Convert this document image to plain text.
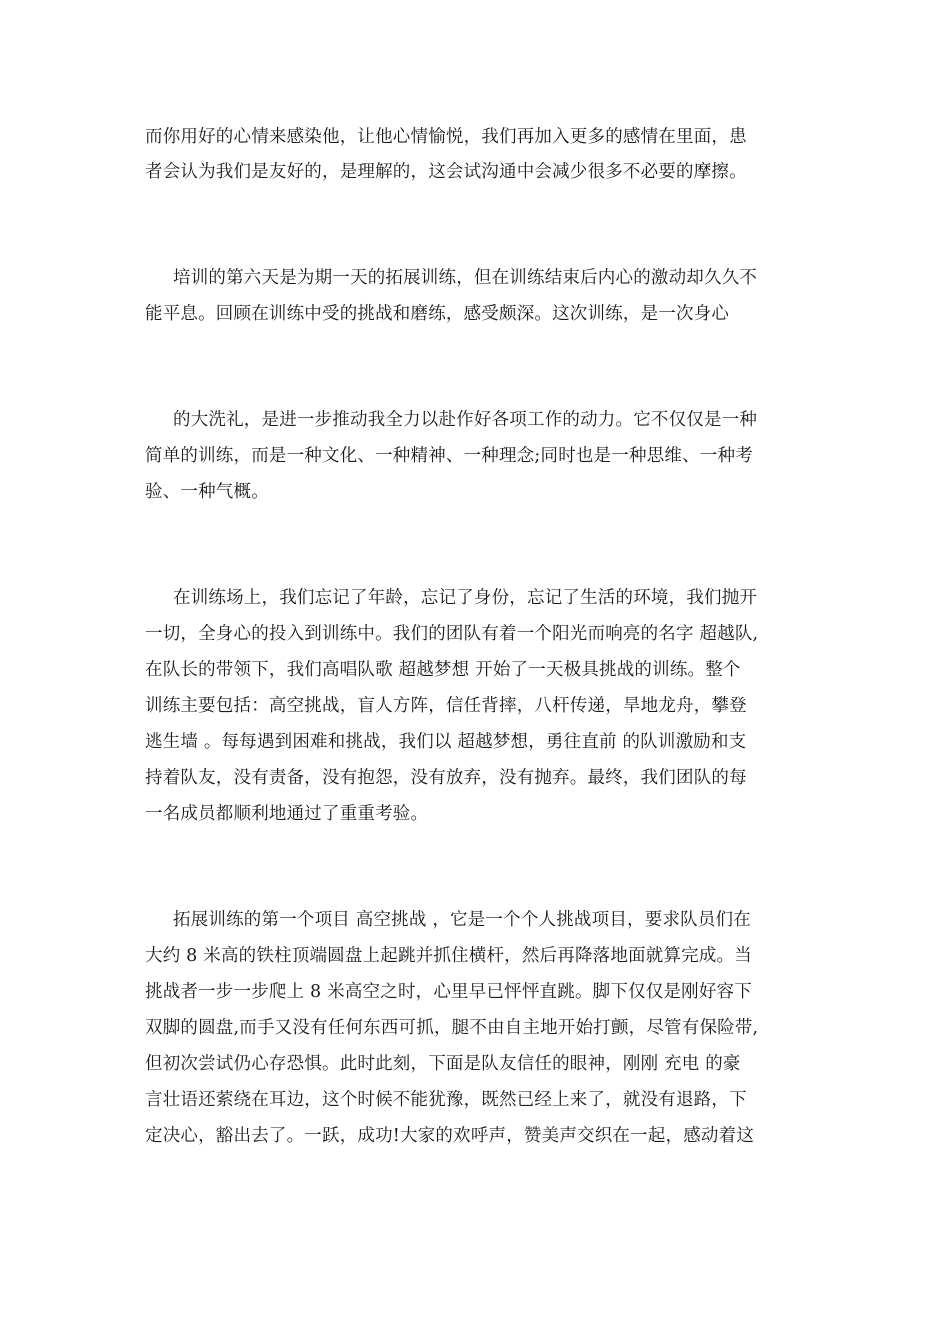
而你用好的心情来感染他，让他心情愉悦，我们再加入更多的感情在里面，患
者会认为我们是友好的，是理解的，这会试沟通中会减少很多不必要的摩擦。
培训的第六天是为期一天的拓展训练，但在训练结束后内心的激动却久久不
能平息。回顾在训练中受的挑战和磨练，感受颇深。这次训练，是一次身心
的大洗礼，是进一步推动我全力以赴作好各项工作的动力。它不仅仅是一种
简单的训练，而是一种文化、一种精神、一种理念;同时也是一种思维、一种考
验、一种气概。
在训练场上，我们忘记了年龄，忘记了身份，忘记了生活的环境，我们抛开
一切，全身心的投入到训练中。我们的团队有着一个阳光而响亮的名字 超越队,
在队长的带领下，我们高唱队歌 超越梦想 开始了一天极具挑战的训练。整个
训练主要包括：高空挑战，盲人方阵，信任背摔，八杆传递，旱地龙舟，攀登
逃生墙 。每每遇到困难和挑战，我们以 超越梦想，勇往直前 的队训激励和支
持着队友，没有责备，没有抱怨，没有放弃，没有抛弃。最终，我们团队的每
一名成员都顺利地通过了重重考验。
拓展训练的第一个项目 高空挑战 ，它是一个个人挑战项目，要求队员们在
大约 8 米高的铁柱顶端圆盘上起跳并抓住横杆，然后再降落地面就算完成。当
挑战者一步一步爬上 8 米高空之时，心里早已怦怦直跳。脚下仅仅是刚好容下
双脚的圆盘,而手又没有任何东西可抓，腿不由自主地开始打颤，尽管有保险带,
但初次尝试仍心存恐惧。此时此刻，下面是队友信任的眼神，刚刚 充电 的豪
言壮语还萦绕在耳边，这个时候不能犹豫，既然已经上来了，就没有退路，下
定决心，豁出去了。一跃，成功!大家的欢呼声，赞美声交织在一起，感动着这
